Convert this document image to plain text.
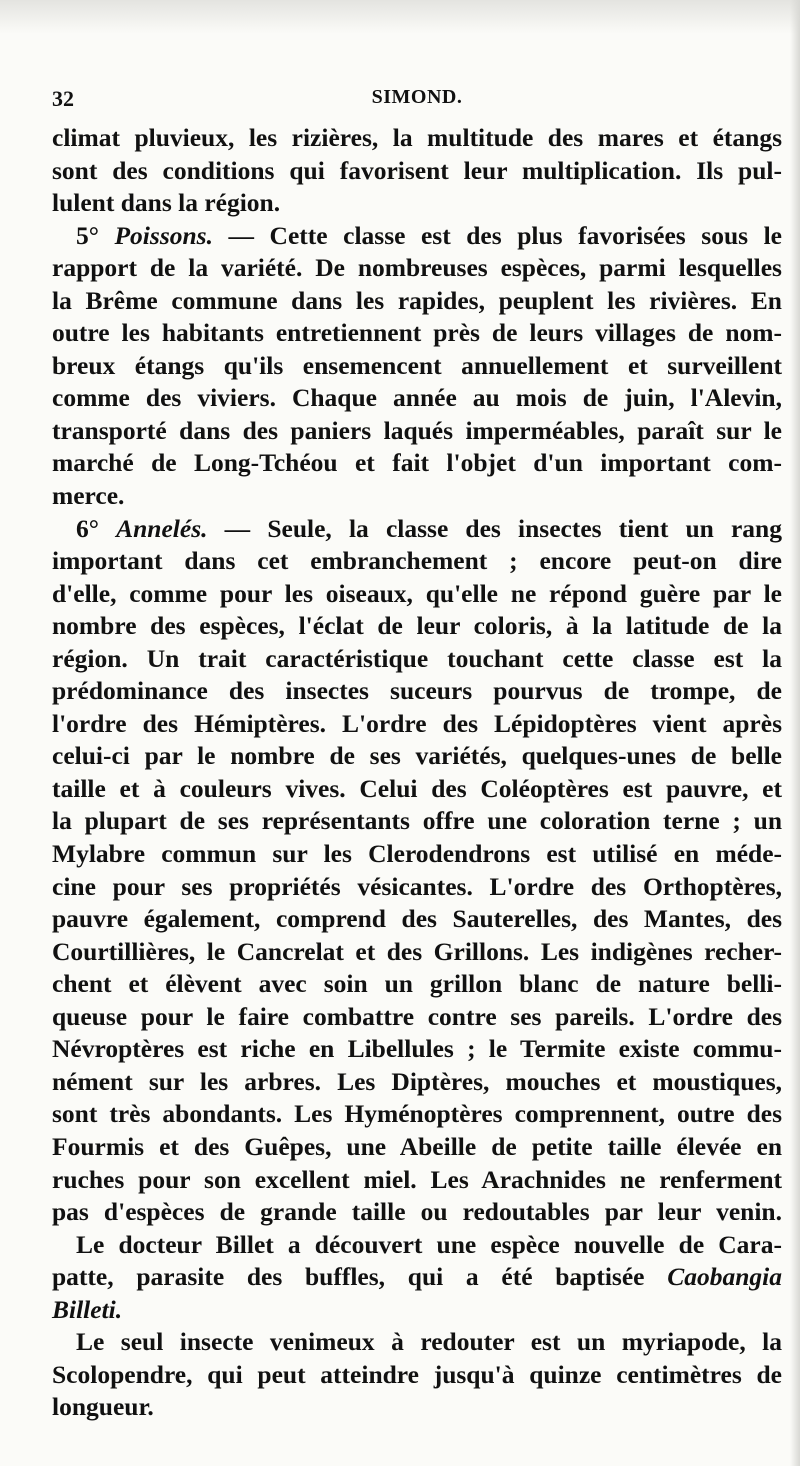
32	SIMOND.
climat pluvieux, les rizières, la multitude des mares et étangs
sont des conditions qui favorisent leur multiplication. Ils pul-
lulent dans la région.
5° Poissons. — Cette classe est des plus favorisées sous le
rapport de la variété. De nombreuses espèces, parmi lesquelles
la Brême commune dans les rapides, peuplent les rivières. En
outre les habitants entretiennent près de leurs villages de nom-
breux étangs qu'ils ensemencent annuellement et surveillent
comme des viviers. Chaque année au mois de juin, l'Alevin,
transporté dans des paniers laqués imperméables, paraît sur le
marché de Long-Tchéou et fait l'objet d'un important com-
merce.
6° Annelés. — Seule, la classe des insectes tient un rang
important dans cet embranchement ; encore peut-on dire
d'elle, comme pour les oiseaux, qu'elle ne répond guère par le
nombre des espèces, l'éclat de leur coloris, à la latitude de la
région. Un trait caractéristique touchant cette classe est la
prédominance des insectes suceurs pourvus de trompe, de
l'ordre des Hémiptères. L'ordre des Lépidoptères vient après
celui-ci par le nombre de ses variétés, quelques-unes de belle
taille et à couleurs vives. Celui des Coléoptères est pauvre, et
la plupart de ses représentants offre une coloration terne ; un
Mylabre commun sur les Clerodendrons est utilisé en méde-
cine pour ses propriétés vésicantes. L'ordre des Orthoptères,
pauvre également, comprend des Sauterelles, des Mantes, des
Courtillières, le Cancrelat et des Grillons. Les indigènes recher-
chent et élèvent avec soin un grillon blanc de nature belli-
queuse pour le faire combattre contre ses pareils. L'ordre des
Névroptères est riche en Libellules ; le Termite existe commu-
nément sur les arbres. Les Diptères, mouches et moustiques,
sont très abondants. Les Hyménoptères comprennent, outre des
Fourmis et des Guêpes, une Abeille de petite taille élevée en
ruches pour son excellent miel. Les Arachnides ne renferment
pas d'espèces de grande taille ou redoutables par leur venin.
Le docteur Billet a découvert une espèce nouvelle de Cara-
patte, parasite des buffles, qui a été baptisée Caobangia
Billeti.
Le seul insecte venimeux à redouter est un myriapode, la
Scolopendre, qui peut atteindre jusqu'à quinze centimètres de
longueur.
